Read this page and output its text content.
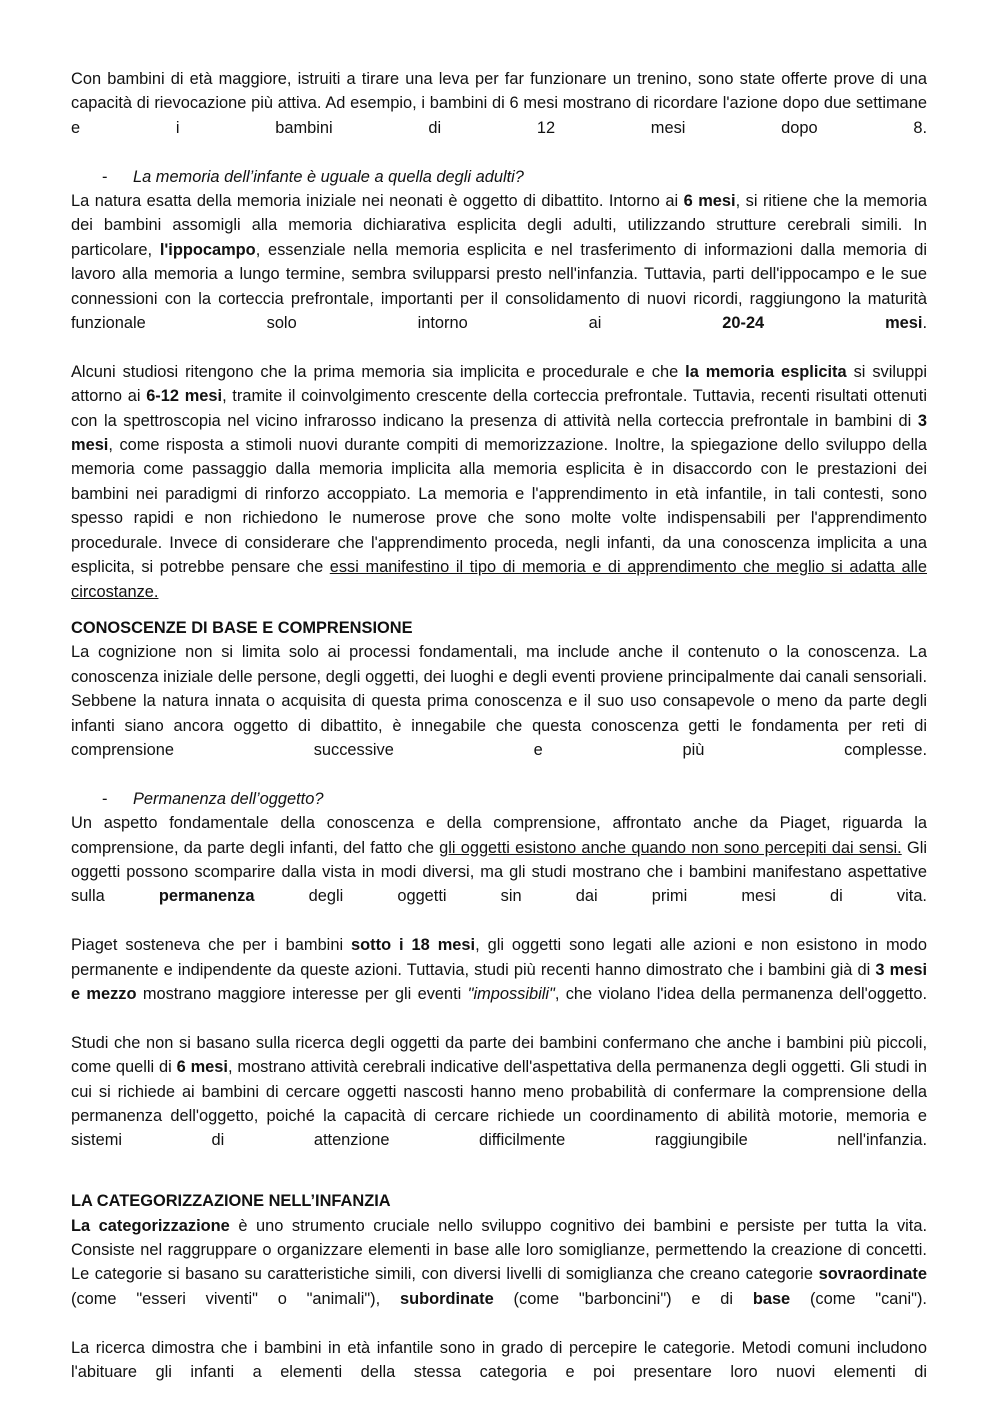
Con bambini di età maggiore, istruiti a tirare una leva per far funzionare un trenino, sono state offerte prove di una capacità di rievocazione più attiva. Ad esempio, i bambini di 6 mesi mostrano di ricordare l'azione dopo due settimane e i bambini di 12 mesi dopo 8.

- La memoria dell’infante è uguale a quella degli adulti?

La natura esatta della memoria iniziale nei neonati è oggetto di dibattito. Intorno ai 6 mesi, si ritiene che la memoria dei bambini assomigli alla memoria dichiarativa esplicita degli adulti, utilizzando strutture cerebrali simili. In particolare, l'ippocampo, essenziale nella memoria esplicita e nel trasferimento di informazioni dalla memoria di lavoro alla memoria a lungo termine, sembra svilupparsi presto nell'infanzia. Tuttavia, parti dell'ippocampo e le sue connessioni con la corteccia prefrontale, importanti per il consolidamento di nuovi ricordi, raggiungono la maturità funzionale solo intorno ai 20-24 mesi.

Alcuni studiosi ritengono che la prima memoria sia implicita e procedurale e che la memoria esplicita si sviluppi attorno ai 6-12 mesi, tramite il coinvolgimento crescente della corteccia prefrontale. Tuttavia, recenti risultati ottenuti con la spettroscopia nel vicino infrarosso indicano la presenza di attività nella corteccia prefrontale in bambini di 3 mesi, come risposta a stimoli nuovi durante compiti di memorizzazione. Inoltre, la spiegazione dello sviluppo della memoria come passaggio dalla memoria implicita alla memoria esplicita è in disaccordo con le prestazioni dei bambini nei paradigmi di rinforzo accoppiato. La memoria e l'apprendimento in età infantile, in tali contesti, sono spesso rapidi e non richiedono le numerose prove che sono molte volte indispensabili per l'apprendimento procedurale. Invece di considerare che l'apprendimento proceda, negli infanti, da una conoscenza implicita a una esplicita, si potrebbe pensare che essi manifestino il tipo di memoria e di apprendimento che meglio si adatta alle circostanze.

CONOSCENZE DI BASE E COMPRENSIONE

La cognizione non si limita solo ai processi fondamentali, ma include anche il contenuto o la conoscenza. La conoscenza iniziale delle persone, degli oggetti, dei luoghi e degli eventi proviene principalmente dai canali sensoriali. Sebbene la natura innata o acquisita di questa prima conoscenza e il suo uso consapevole o meno da parte degli infanti siano ancora oggetto di dibattito, è innegabile che questa conoscenza getti le fondamenta per reti di comprensione successive e più complesse.

- Permanenza dell’oggetto?

Un aspetto fondamentale della conoscenza e della comprensione, affrontato anche da Piaget, riguarda la comprensione, da parte degli infanti, del fatto che gli oggetti esistono anche quando non sono percepiti dai sensi. Gli oggetti possono scomparire dalla vista in modi diversi, ma gli studi mostrano che i bambini manifestano aspettative sulla permanenza degli oggetti sin dai primi mesi di vita.

Piaget sosteneva che per i bambini sotto i 18 mesi, gli oggetti sono legati alle azioni e non esistono in modo permanente e indipendente da queste azioni. Tuttavia, studi più recenti hanno dimostrato che i bambini già di 3 mesi e mezzo mostrano maggiore interesse per gli eventi "impossibili", che violano l'idea della permanenza dell'oggetto.

Studi che non si basano sulla ricerca degli oggetti da parte dei bambini confermano che anche i bambini più piccoli, come quelli di 6 mesi, mostrano attività cerebrali indicative dell'aspettativa della permanenza degli oggetti. Gli studi in cui si richiede ai bambini di cercare oggetti nascosti hanno meno probabilità di confermare la comprensione della permanenza dell'oggetto, poiché la capacità di cercare richiede un coordinamento di abilità motorie, memoria e sistemi di attenzione difficilmente raggiungibile nell'infanzia.

LA CATEGORIZZAZIONE NELL’INFANZIA

La categorizzazione è uno strumento cruciale nello sviluppo cognitivo dei bambini e persiste per tutta la vita. Consiste nel raggruppare o organizzare elementi in base alle loro somiglianze, permettendo la creazione di concetti. Le categorie si basano su caratteristiche simili, con diversi livelli di somiglianza che creano categorie sovraordinate (come "esseri viventi" o "animali"), subordinate (come "barboncini") e di base (come "cani").

La ricerca dimostra che i bambini in età infantile sono in grado di percepire le categorie. Metodi comuni includono l'abituare gli infanti a elementi della stessa categoria e poi presentare loro nuovi elementi di
